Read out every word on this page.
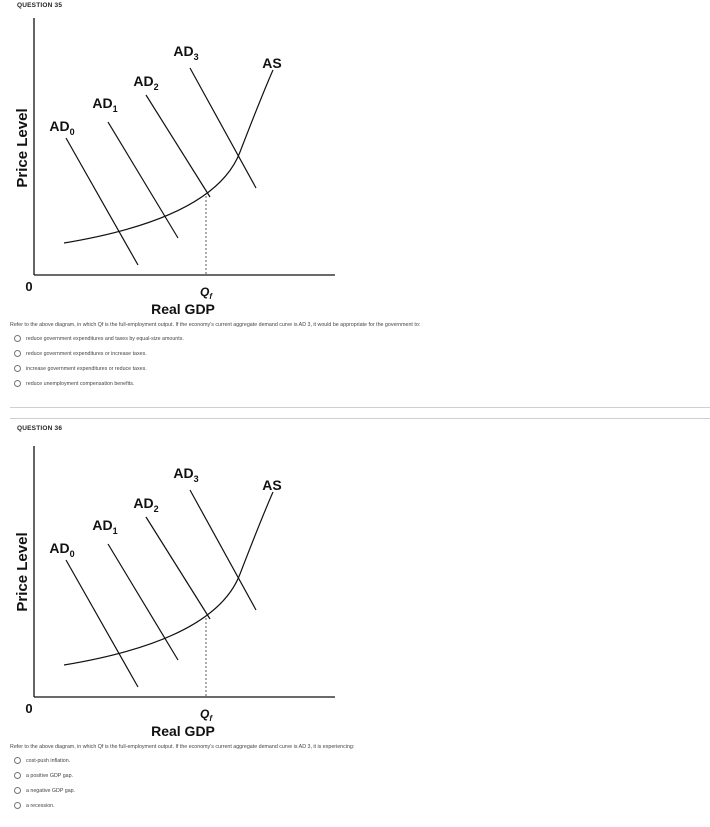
QUESTION 35
Price Level
0
Real GDP
$Q_f$
AS
$AD_0$
$AD_1$
$AD_2$
$AD_3$
Refer to the above diagram, in which Qf is the full-employment output. If the economy's current aggregate demand curve is AD 3, it would be appropriate for the government to:
reduce government expenditures and taxes by equal-size amounts.
reduce government expenditures or increase taxes.
increase government expenditures or reduce taxes.
reduce unemployment compensation benefits.
QUESTION 36
Price Level
0
Real GDP
$Q_f$
AS
$AD_0$
$AD_1$
$AD_2$
$AD_3$
Refer to the above diagram, in which Qf is the full-employment output. If the economy's current aggregate demand curve is AD 3, it is experiencing:
cost-push inflation.
a positive GDP gap.
a negative GDP gap.
a recession.
